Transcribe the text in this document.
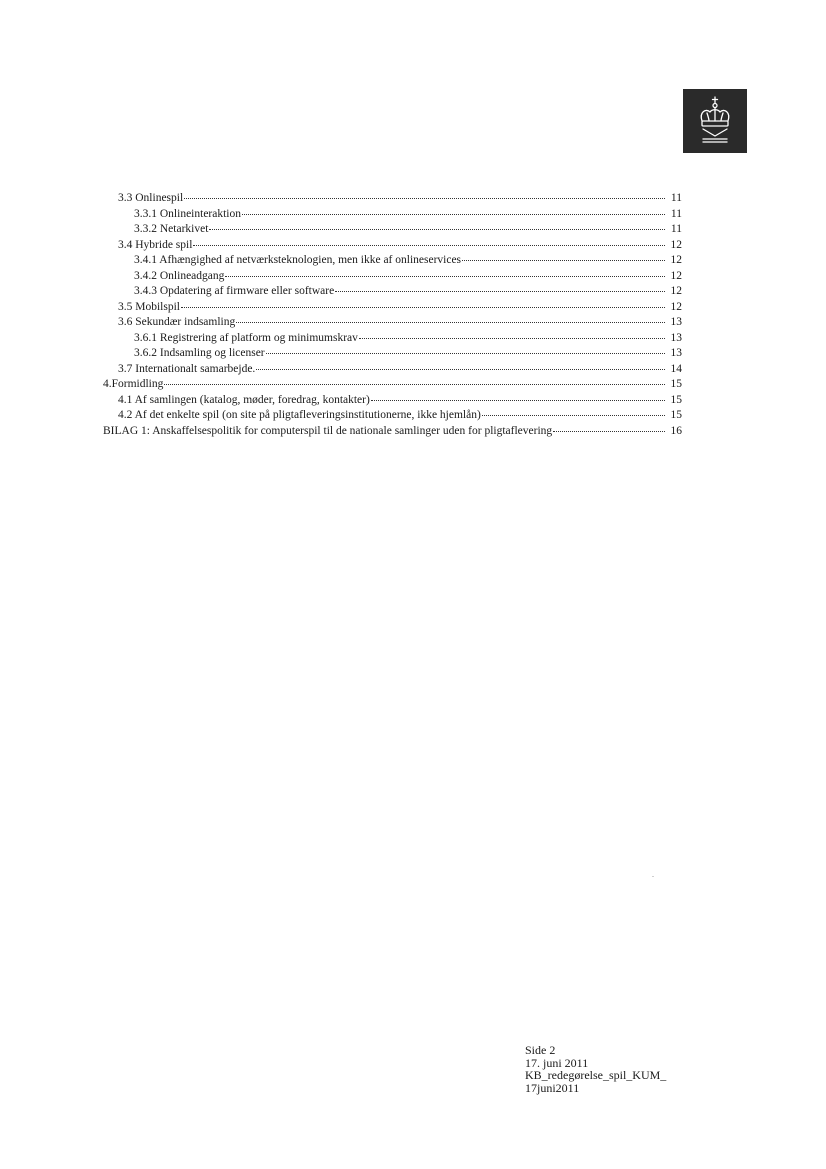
3.3 Onlinespil	11
3.3.1 Onlineinteraktion	11
3.3.2 Netarkivet	11
3.4 Hybride spil	12
3.4.1 Afhængighed af netværksteknologien, men ikke af onlineservices	12
3.4.2 Onlineadgang	12
3.4.3 Opdatering af firmware eller software	12
3.5 Mobilspil	12
3.6 Sekundær indsamling	13
3.6.1 Registrering af platform og minimumskrav	13
3.6.2 Indsamling og licenser	13
3.7 Internationalt samarbejde.	14
4.Formidling	15
4.1 Af samlingen (katalog, møder, foredrag, kontakter)	15
4.2 Af det enkelte spil (on site på pligtafleveringsinstitutionerne, ikke hjemlån)	15
BILAG 1: Anskaffelsespolitik for computerspil til de nationale samlinger uden for pligtaflevering	16
Side 2
17. juni 2011
KB_redegørelse_spil_KUM_
17juni2011
